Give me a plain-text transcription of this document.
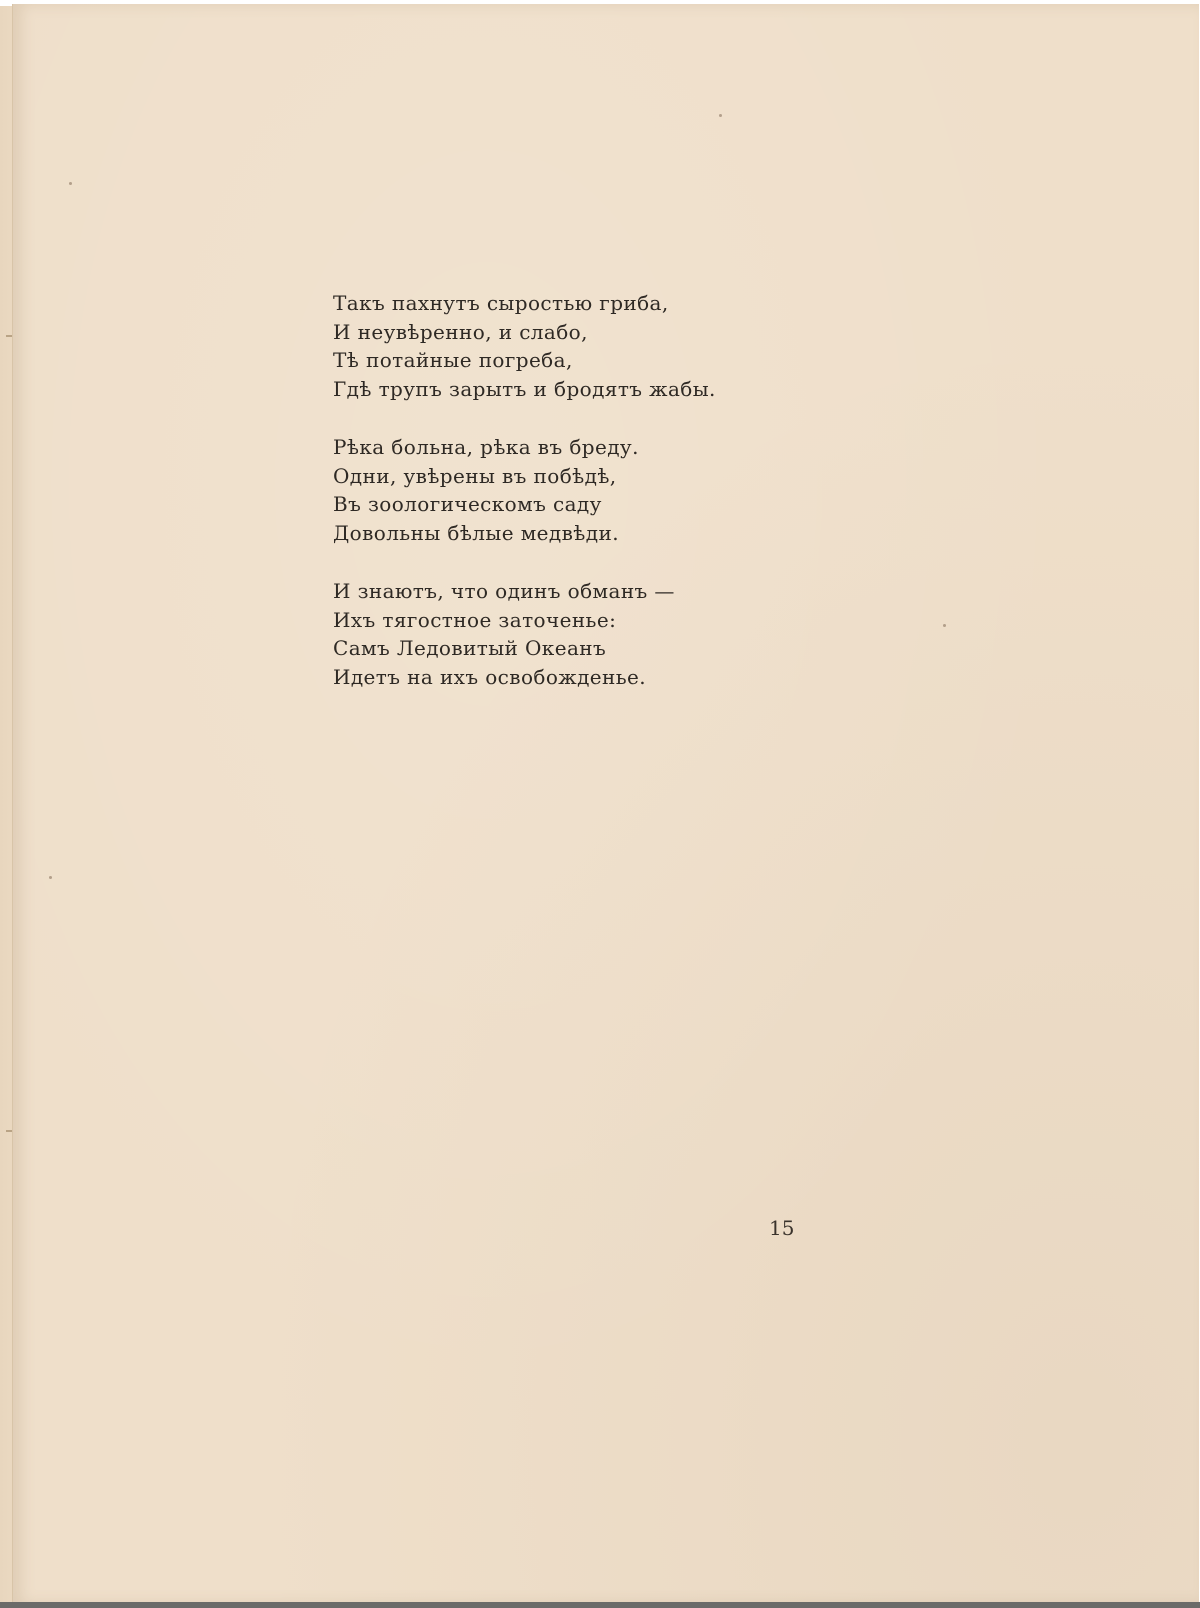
Такъ пахнутъ сыростью гриба,
И неувѣренно, и слабо,
Тѣ потайные погреба,
Гдѣ трупъ зарытъ и бродятъ жабы.
Рѣка больна, рѣка въ бреду.
Одни, увѣрены въ побѣдѣ,
Въ зоологическомъ саду
Довольны бѣлые медвѣди.
И знаютъ, что одинъ обманъ —
Ихъ тягостное заточенье:
Самъ Ледовитый Океанъ
Идетъ на ихъ освобожденье.

15
